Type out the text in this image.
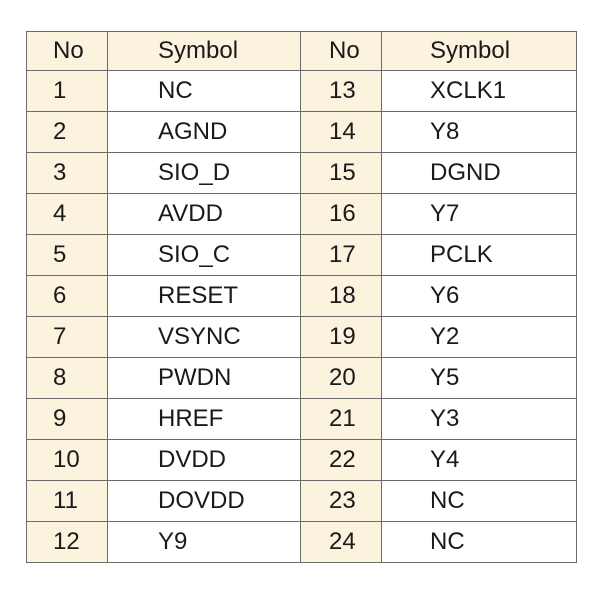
No	Symbol	No	Symbol
1	NC	13	XCLK1
2	AGND	14	Y8
3	SIO_D	15	DGND
4	AVDD	16	Y7
5	SIO_C	17	PCLK
6	RESET	18	Y6
7	VSYNC	19	Y2
8	PWDN	20	Y5
9	HREF	21	Y3
10	DVDD	22	Y4
11	DOVDD	23	NC
12	Y9	24	NC
